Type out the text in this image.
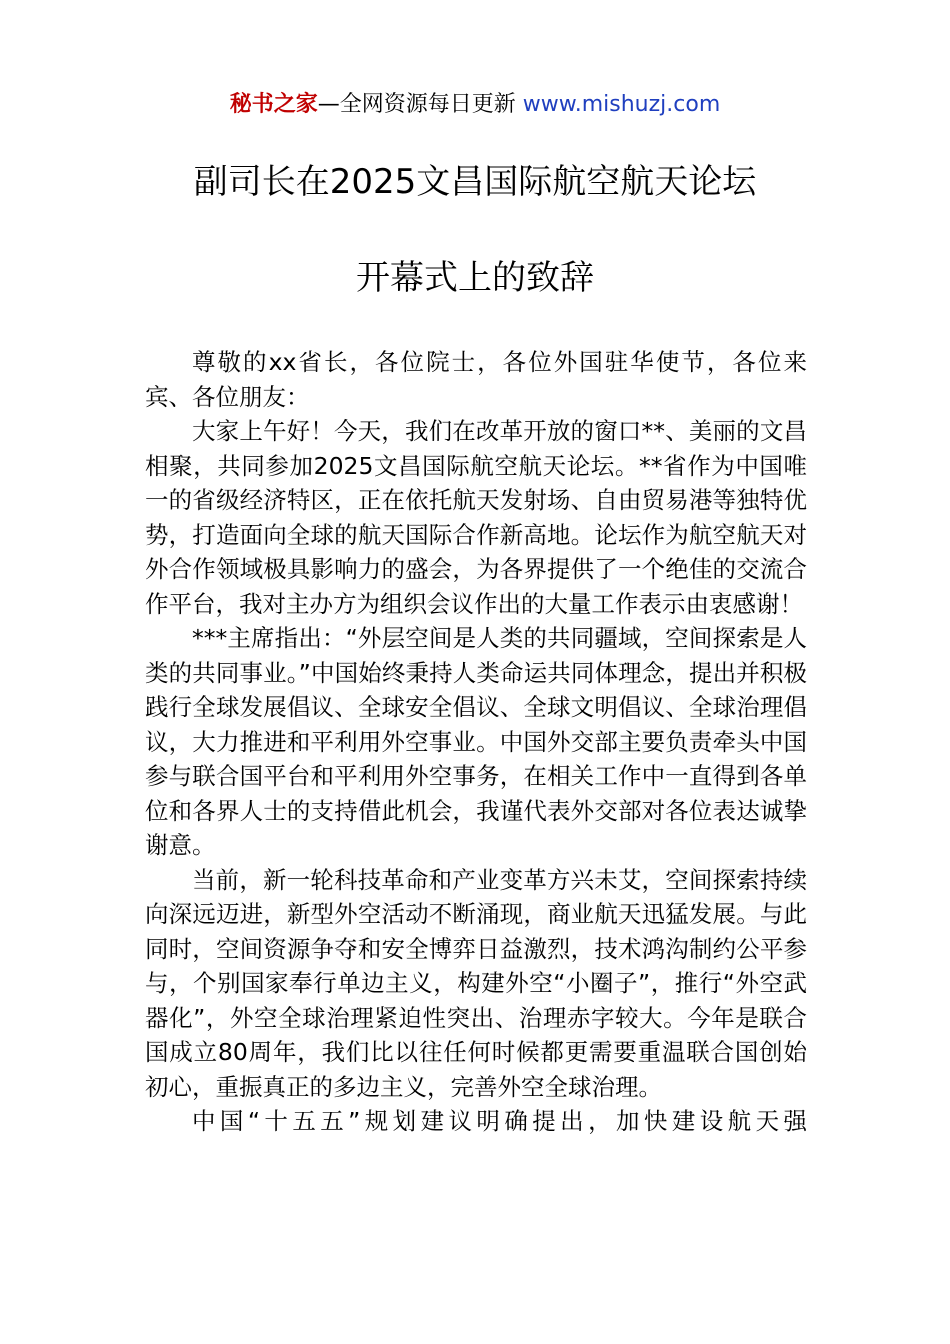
秘书之家—全网资源每日更新 www.mishuzj.com
副司长在2025文昌国际航空航天论坛
开幕式上的致辞

尊敬的xx省长，各位院士，各位外国驻华使节，各位来宾、各位朋友：

大家上午好！今天，我们在改革开放的窗口**、美丽的文昌相聚，共同参加2025文昌国际航空航天论坛。**省作为中国唯一的省级经济特区，正在依托航天发射场、自由贸易港等独特优势，打造面向全球的航天国际合作新高地。论坛作为航空航天对外合作领域极具影响力的盛会，为各界提供了一个绝佳的交流合作平台，我对主办方为组织会议作出的大量工作表示由衷感谢！

***主席指出：“外层空间是人类的共同疆域，空间探索是人类的共同事业。”中国始终秉持人类命运共同体理念，提出并积极践行全球发展倡议、全球安全倡议、全球文明倡议、全球治理倡议，大力推进和平利用外空事业。中国外交部主要负责牵头中国参与联合国平台和平利用外空事务，在相关工作中一直得到各单位和各界人士的支持借此机会，我谨代表外交部对各位表达诚挚谢意。

当前，新一轮科技革命和产业变革方兴未艾，空间探索持续向深远迈进，新型外空活动不断涌现，商业航天迅猛发展。与此同时，空间资源争夺和安全博弈日益激烈，技术鸿沟制约公平参与，个别国家奉行单边主义，构建外空“小圈子”，推行“外空武器化”，外空全球治理紧迫性突出、治理赤字较大。今年是联合国成立80周年，我们比以往任何时候都更需要重温联合国创始初心，重振真正的多边主义，完善外空全球治理。

中国“十五五”规划建议明确提出，加快建设航天强
